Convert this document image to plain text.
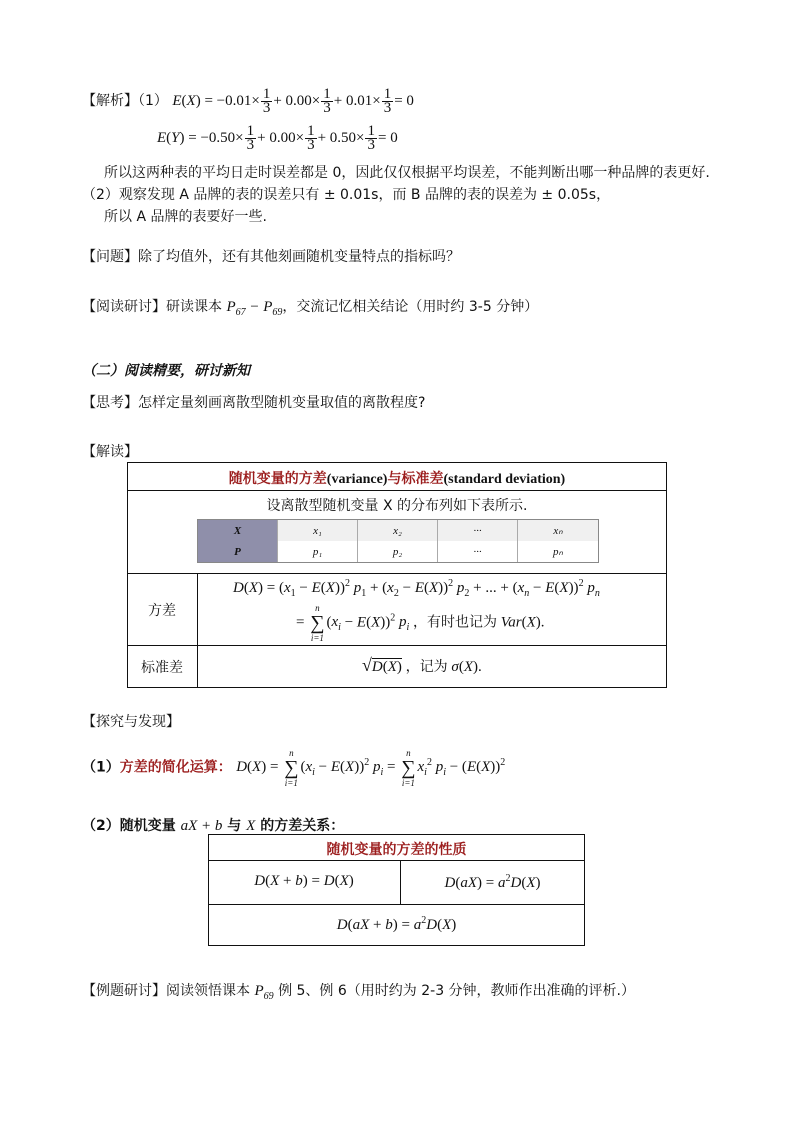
【解析】（1） $E(X) = -0.01\times \frac{1}{3} + 0.00\times \frac{1}{3} + 0.01\times \frac{1}{3} = 0$
$E(Y) = -0.50\times \frac{1}{3} + 0.00\times \frac{1}{3} + 0.50\times \frac{1}{3} = 0$
所以这两种表的平均日走时误差都是 0，因此仅仅根据平均误差，不能判断出哪一种品牌的表更好.
（2）观察发现 A 品牌的表的误差只有 ± 0.01s，而 B 品牌的表的误差为 ± 0.05s，
所以 A 品牌的表要好一些.
【问题】除了均值外，还有其他刻画随机变量特点的指标吗？
【阅读研讨】研读课本 $P_{67} - P_{69}$，交流记忆相关结论（用时约 3-5 分钟）
（二）阅读精要，研讨新知
【思考】怎样定量刻画离散型随机变量取值的离散程度?
【解读】
随机变量的方差(variance)与标准差(standard deviation)
设离散型随机变量 X 的分布列如下表所示.
X	x₁	x₂	···	xₙ
P	p₁	p₂	···	pₙ
方差
$D(X) = (x_1 - E(X))^2$ $p_1 + (x_2 - E(X))^2$ $p_2$ + ... + $(x_n - E(X))^2$ $p_n$
=
n
∑
i=1
$(x_i - E(X))^2$ $p_i$ ，有时也记为 Var(X).
标准差	√D(X) ，记为 σ(X).
【探究与发现】
（1）方差的简化运算： D(X) =
n
∑
i=1
$(x_i - E(X))^2$ $p_i$ =
n
∑
i=1
$x_i^2$ $p_i - (E(X))^2$
（2）随机变量 aX + b 与 X 的方差关系：
随机变量的方差的性质
D(X + b) = D(X)	$D(aX) = a^2D(X)$
$D(aX + b) = a^2D(X)$
【例题研讨】阅读领悟课本 $P_{69}$ 例 5、例 6（用时约为 2-3 分钟，教师作出准确的评析.）
